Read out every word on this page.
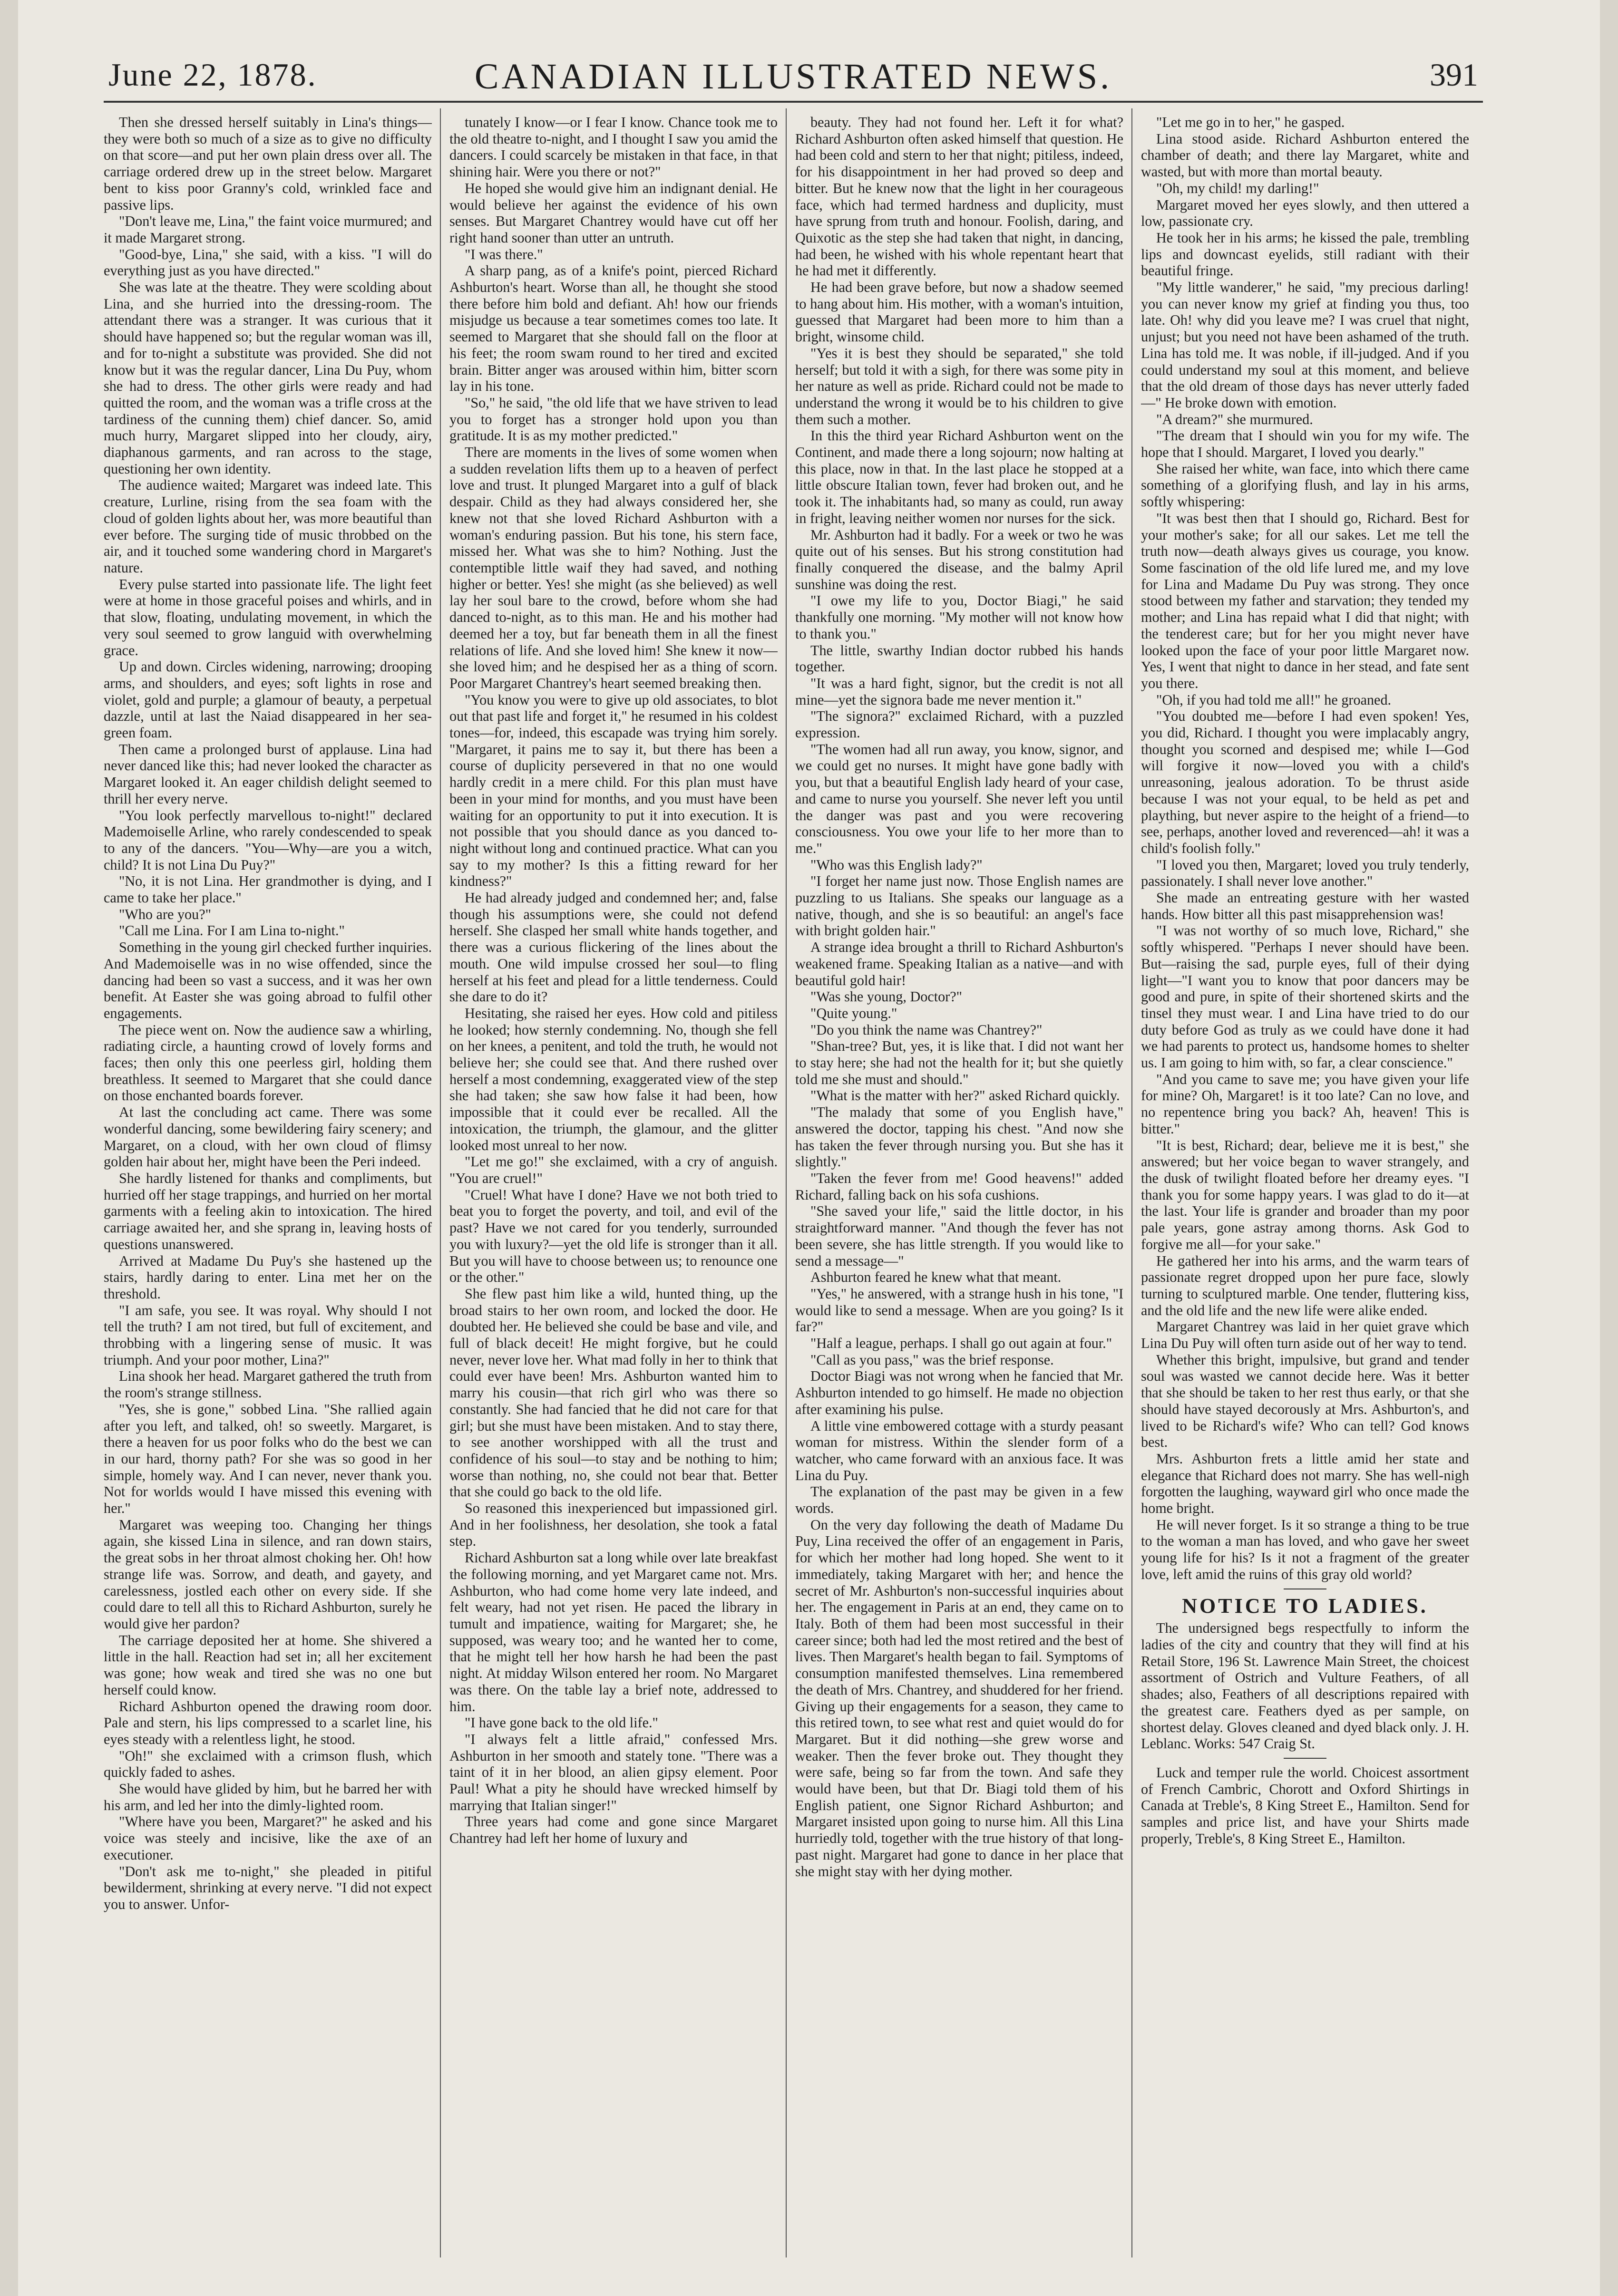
June 22, 1878.	CANADIAN ILLUSTRATED NEWS.	391

Then she dressed herself suitably in Lina's things—they were both so much of a size as to give no difficulty on that score—and put her own plain dress over all. The carriage ordered drew up in the street below. Margaret bent to kiss poor Granny's cold, wrinkled face and passive lips.

"Don't leave me, Lina," the faint voice murmured; and it made Margaret strong.

"Good-bye, Lina," she said, with a kiss. "I will do everything just as you have directed."

She was late at the theatre. They were scolding about Lina, and she hurried into the dressing-room. The attendant there was a stranger. It was curious that it should have happened so; but the regular woman was ill, and for to-night a substitute was provided. She did not know but it was the regular dancer, Lina Du Puy, whom she had to dress. The other girls were ready and had quitted the room, and the woman was a trifle cross at the tardiness of the cunning them) chief dancer. So, amid much hurry, Margaret slipped into her cloudy, airy, diaphanous garments, and ran across to the stage, questioning her own identity.

The audience waited; Margaret was indeed late. This creature, Lurline, rising from the sea foam with the cloud of golden lights about her, was more beautiful than ever before. The surging tide of music throbbed on the air, and it touched some wandering chord in Margaret's nature.

Every pulse started into passionate life. The light feet were at home in those graceful poises and whirls, and in that slow, floating, undulating movement, in which the very soul seemed to grow languid with overwhelming grace.

Up and down. Circles widening, narrowing; drooping arms, and shoulders, and eyes; soft lights in rose and violet, gold and purple; a glamour of beauty, a perpetual dazzle, until at last the Naiad disappeared in her sea-green foam.

Then came a prolonged burst of applause. Lina had never danced like this; had never looked the character as Margaret looked it. An eager childish delight seemed to thrill her every nerve.

"You look perfectly marvellous to-night!" declared Mademoiselle Arline, who rarely condescended to speak to any of the dancers. "You—Why—are you a witch, child? It is not Lina Du Puy?"

"No, it is not Lina. Her grandmother is dying, and I came to take her place."

"Who are you?"

"Call me Lina. For I am Lina to-night."

Something in the young girl checked further inquiries. And Mademoiselle was in no wise offended, since the dancing had been so vast a success, and it was her own benefit. At Easter she was going abroad to fulfil other engagements.

The piece went on. Now the audience saw a whirling, radiating circle, a haunting crowd of lovely forms and faces; then only this one peerless girl, holding them breathless. It seemed to Margaret that she could dance on those enchanted boards forever.

At last the concluding act came. There was some wonderful dancing, some bewildering fairy scenery; and Margaret, on a cloud, with her own cloud of flimsy golden hair about her, might have been the Peri indeed.

She hardly listened for thanks and compliments, but hurried off her stage trappings, and hurried on her mortal garments with a feeling akin to intoxication. The hired carriage awaited her, and she sprang in, leaving hosts of questions unanswered.

Arrived at Madame Du Puy's she hastened up the stairs, hardly daring to enter. Lina met her on the threshold.

"I am safe, you see. It was royal. Why should I not tell the truth? I am not tired, but full of excitement, and throbbing with a lingering sense of music. It was triumph. And your poor mother, Lina?"

Lina shook her head. Margaret gathered the truth from the room's strange stillness.

"Yes, she is gone," sobbed Lina. "She rallied again after you left, and talked, oh! so sweetly. Margaret, is there a heaven for us poor folks who do the best we can in our hard, thorny path? For she was so good in her simple, homely way. And I can never, never thank you. Not for worlds would I have missed this evening with her."

Margaret was weeping too. Changing her things again, she kissed Lina in silence, and ran down stairs, the great sobs in her throat almost choking her. Oh! how strange life was. Sorrow, and death, and gayety, and carelessness, jostled each other on every side. If she could dare to tell all this to Richard Ashburton, surely he would give her pardon?

The carriage deposited her at home. She shivered a little in the hall. Reaction had set in; all her excitement was gone; how weak and tired she was no one but herself could know.

Richard Ashburton opened the drawing room door. Pale and stern, his lips compressed to a scarlet line, his eyes steady with a relentless light, he stood.

"Oh!" she exclaimed with a crimson flush, which quickly faded to ashes.

She would have glided by him, but he barred her with his arm, and led her into the dimly-lighted room.

"Where have you been, Margaret?" he asked and his voice was steely and incisive, like the axe of an executioner.

"Don't ask me to-night," she pleaded in pitiful bewilderment, shrinking at every nerve. "I did not expect you to answer. Unfor-

tunately I know—or I fear I know. Chance took me to the old theatre to-night, and I thought I saw you amid the dancers. I could scarcely be mistaken in that face, in that shining hair. Were you there or not?"

He hoped she would give him an indignant denial. He would believe her against the evidence of his own senses. But Margaret Chantrey would have cut off her right hand sooner than utter an untruth.

"I was there."

A sharp pang, as of a knife's point, pierced Richard Ashburton's heart. Worse than all, he thought she stood there before him bold and defiant. Ah! how our friends misjudge us because a tear sometimes comes too late. It seemed to Margaret that she should fall on the floor at his feet; the room swam round to her tired and excited brain. Bitter anger was aroused within him, bitter scorn lay in his tone.

"So," he said, "the old life that we have striven to lead you to forget has a stronger hold upon you than gratitude. It is as my mother predicted."

There are moments in the lives of some women when a sudden revelation lifts them up to a heaven of perfect love and trust. It plunged Margaret into a gulf of black despair. Child as they had always considered her, she knew not that she loved Richard Ashburton with a woman's enduring passion. But his tone, his stern face, missed her. What was she to him? Nothing. Just the contemptible little waif they had saved, and nothing higher or better. Yes! she might (as she believed) as well lay her soul bare to the crowd, before whom she had danced to-night, as to this man. He and his mother had deemed her a toy, but far beneath them in all the finest relations of life. And she loved him! She knew it now—she loved him; and he despised her as a thing of scorn. Poor Margaret Chantrey's heart seemed breaking then.

"You know you were to give up old associates, to blot out that past life and forget it," he resumed in his coldest tones—for, indeed, this escapade was trying him sorely. "Margaret, it pains me to say it, but there has been a course of duplicity persevered in that no one would hardly credit in a mere child. For this plan must have been in your mind for months, and you must have been waiting for an opportunity to put it into execution. It is not possible that you should dance as you danced to-night without long and continued practice. What can you say to my mother? Is this a fitting reward for her kindness?"

He had already judged and condemned her; and, false though his assumptions were, she could not defend herself. She clasped her small white hands together, and there was a curious flickering of the lines about the mouth. One wild impulse crossed her soul—to fling herself at his feet and plead for a little tenderness. Could she dare to do it?

Hesitating, she raised her eyes. How cold and pitiless he looked; how sternly condemning. No, though she fell on her knees, a penitent, and told the truth, he would not believe her; she could see that. And there rushed over herself a most condemning, exaggerated view of the step she had taken; she saw how false it had been, how impossible that it could ever be recalled. All the intoxication, the triumph, the glamour, and the glitter looked most unreal to her now.

"Let me go!" she exclaimed, with a cry of anguish. "You are cruel!"

"Cruel! What have I done? Have we not both tried to beat you to forget the poverty, and toil, and evil of the past? Have we not cared for you tenderly, surrounded you with luxury?—yet the old life is stronger than it all. But you will have to choose between us; to renounce one or the other."

She flew past him like a wild, hunted thing, up the broad stairs to her own room, and locked the door. He doubted her. He believed she could be base and vile, and full of black deceit! He might forgive, but he could never, never love her. What mad folly in her to think that could ever have been! Mrs. Ashburton wanted him to marry his cousin—that rich girl who was there so constantly. She had fancied that he did not care for that girl; but she must have been mistaken. And to stay there, to see another worshipped with all the trust and confidence of his soul—to stay and be nothing to him; worse than nothing, no, she could not bear that. Better that she could go back to the old life.

So reasoned this inexperienced but impassioned girl. And in her foolishness, her desolation, she took a fatal step.

Richard Ashburton sat a long while over late breakfast the following morning, and yet Margaret came not. Mrs. Ashburton, who had come home very late indeed, and felt weary, had not yet risen. He paced the library in tumult and impatience, waiting for Margaret; she, he supposed, was weary too; and he wanted her to come, that he might tell her how harsh he had been the past night. At midday Wilson entered her room. No Margaret was there. On the table lay a brief note, addressed to him.

"I have gone back to the old life."

"I always felt a little afraid," confessed Mrs. Ashburton in her smooth and stately tone. "There was a taint of it in her blood, an alien gipsy element. Poor Paul! What a pity he should have wrecked himself by marrying that Italian singer!"

Three years had come and gone since Margaret Chantrey had left her home of luxury and

beauty. They had not found her. Left it for what? Richard Ashburton often asked himself that question. He had been cold and stern to her that night; pitiless, indeed, for his disappointment in her had proved so deep and bitter. But he knew now that the light in her courageous face, which had termed hardness and duplicity, must have sprung from truth and honour. Foolish, daring, and Quixotic as the step she had taken that night, in dancing, had been, he wished with his whole repentant heart that he had met it differently.

He had been grave before, but now a shadow seemed to hang about him. His mother, with a woman's intuition, guessed that Margaret had been more to him than a bright, winsome child.

"Yes it is best they should be separated," she told herself; but told it with a sigh, for there was some pity in her nature as well as pride. Richard could not be made to understand the wrong it would be to his children to give them such a mother.

In this the third year Richard Ashburton went on the Continent, and made there a long sojourn; now halting at this place, now in that. In the last place he stopped at a little obscure Italian town, fever had broken out, and he took it. The inhabitants had, so many as could, run away in fright, leaving neither women nor nurses for the sick.

Mr. Ashburton had it badly. For a week or two he was quite out of his senses. But his strong constitution had finally conquered the disease, and the balmy April sunshine was doing the rest.

"I owe my life to you, Doctor Biagi," he said thankfully one morning. "My mother will not know how to thank you."

The little, swarthy Indian doctor rubbed his hands together.

"It was a hard fight, signor, but the credit is not all mine—yet the signora bade me never mention it."

"The signora?" exclaimed Richard, with a puzzled expression.

"The women had all run away, you know, signor, and we could get no nurses. It might have gone badly with you, but that a beautiful English lady heard of your case, and came to nurse you yourself. She never left you until the danger was past and you were recovering consciousness. You owe your life to her more than to me."

"Who was this English lady?"

"I forget her name just now. Those English names are puzzling to us Italians. She speaks our language as a native, though, and she is so beautiful: an angel's face with bright golden hair."

A strange idea brought a thrill to Richard Ashburton's weakened frame. Speaking Italian as a native—and with beautiful gold hair!

"Was she young, Doctor?"

"Quite young."

"Do you think the name was Chantrey?"

"Shan-tree? But, yes, it is like that. I did not want her to stay here; she had not the health for it; but she quietly told me she must and should."

"What is the matter with her?" asked Richard quickly.

"The malady that some of you English have," answered the doctor, tapping his chest. "And now she has taken the fever through nursing you. But she has it slightly."

"Taken the fever from me! Good heavens!" added Richard, falling back on his sofa cushions.

"She saved your life," said the little doctor, in his straightforward manner. "And though the fever has not been severe, she has little strength. If you would like to send a message—"

Ashburton feared he knew what that meant.

"Yes," he answered, with a strange hush in his tone, "I would like to send a message. When are you going? Is it far?"

"Half a league, perhaps. I shall go out again at four."

"Call as you pass," was the brief response.

Doctor Biagi was not wrong when he fancied that Mr. Ashburton intended to go himself. He made no objection after examining his pulse.

A little vine embowered cottage with a sturdy peasant woman for mistress. Within the slender form of a watcher, who came forward with an anxious face. It was Lina du Puy.

The explanation of the past may be given in a few words.

On the very day following the death of Madame Du Puy, Lina received the offer of an engagement in Paris, for which her mother had long hoped. She went to it immediately, taking Margaret with her; and hence the secret of Mr. Ashburton's non-successful inquiries about her. The engagement in Paris at an end, they came on to Italy. Both of them had been most successful in their career since; both had led the most retired and the best of lives. Then Margaret's health began to fail. Symptoms of consumption manifested themselves. Lina remembered the death of Mrs. Chantrey, and shuddered for her friend. Giving up their engagements for a season, they came to this retired town, to see what rest and quiet would do for Margaret. But it did nothing—she grew worse and weaker. Then the fever broke out. They thought they were safe, being so far from the town. And safe they would have been, but that Dr. Biagi told them of his English patient, one Signor Richard Ashburton; and Margaret insisted upon going to nurse him. All this Lina hurriedly told, together with the true history of that long-past night. Margaret had gone to dance in her place that she might stay with her dying mother.

"Let me go in to her," he gasped.

Lina stood aside. Richard Ashburton entered the chamber of death; and there lay Margaret, white and wasted, but with more than mortal beauty.

"Oh, my child! my darling!"

Margaret moved her eyes slowly, and then uttered a low, passionate cry.

He took her in his arms; he kissed the pale, trembling lips and downcast eyelids, still radiant with their beautiful fringe.

"My little wanderer," he said, "my precious darling! you can never know my grief at finding you thus, too late. Oh! why did you leave me? I was cruel that night, unjust; but you need not have been ashamed of the truth. Lina has told me. It was noble, if ill-judged. And if you could understand my soul at this moment, and believe that the old dream of those days has never utterly faded—" He broke down with emotion.

"A dream?" she murmured.

"The dream that I should win you for my wife. The hope that I should. Margaret, I loved you dearly."

She raised her white, wan face, into which there came something of a glorifying flush, and lay in his arms, softly whispering:

"It was best then that I should go, Richard. Best for your mother's sake; for all our sakes. Let me tell the truth now—death always gives us courage, you know. Some fascination of the old life lured me, and my love for Lina and Madame Du Puy was strong. They once stood between my father and starvation; they tended my mother; and Lina has repaid what I did that night; with the tenderest care; but for her you might never have looked upon the face of your poor little Margaret now. Yes, I went that night to dance in her stead, and fate sent you there.

"Oh, if you had told me all!" he groaned.

"You doubted me—before I had even spoken! Yes, you did, Richard. I thought you were implacably angry, thought you scorned and despised me; while I—God will forgive it now—loved you with a child's unreasoning, jealous adoration. To be thrust aside because I was not your equal, to be held as pet and plaything, but never aspire to the height of a friend—to see, perhaps, another loved and reverenced—ah! it was a child's foolish folly."

"I loved you then, Margaret; loved you truly tenderly, passionately. I shall never love another."

She made an entreating gesture with her wasted hands. How bitter all this past misapprehension was!

"I was not worthy of so much love, Richard," she softly whispered. "Perhaps I never should have been. But—raising the sad, purple eyes, full of their dying light—"I want you to know that poor dancers may be good and pure, in spite of their shortened skirts and the tinsel they must wear. I and Lina have tried to do our duty before God as truly as we could have done it had we had parents to protect us, handsome homes to shelter us. I am going to him with, so far, a clear conscience."

"And you came to save me; you have given your life for mine? Oh, Margaret! is it too late? Can no love, and no repentence bring you back? Ah, heaven! This is bitter."

"It is best, Richard; dear, believe me it is best," she answered; but her voice began to waver strangely, and the dusk of twilight floated before her dreamy eyes. "I thank you for some happy years. I was glad to do it—at the last. Your life is grander and broader than my poor pale years, gone astray among thorns. Ask God to forgive me all—for your sake."

He gathered her into his arms, and the warm tears of passionate regret dropped upon her pure face, slowly turning to sculptured marble. One tender, fluttering kiss, and the old life and the new life were alike ended.

Margaret Chantrey was laid in her quiet grave which Lina Du Puy will often turn aside out of her way to tend.

Whether this bright, impulsive, but grand and tender soul was wasted we cannot decide here. Was it better that she should be taken to her rest thus early, or that she should have stayed decorously at Mrs. Ashburton's, and lived to be Richard's wife? Who can tell? God knows best.

Mrs. Ashburton frets a little amid her state and elegance that Richard does not marry. She has well-nigh forgotten the laughing, wayward girl who once made the home bright.

He will never forget. Is it so strange a thing to be true to the woman a man has loved, and who gave her sweet young life for his? Is it not a fragment of the greater love, left amid the ruins of this gray old world?

NOTICE TO LADIES.

The undersigned begs respectfully to inform the ladies of the city and country that they will find at his Retail Store, 196 St. Lawrence Main Street, the choicest assortment of Ostrich and Vulture Feathers, of all shades; also, Feathers of all descriptions repaired with the greatest care. Feathers dyed as per sample, on shortest delay. Gloves cleaned and dyed black only. J. H. Leblanc. Works: 547 Craig St.

Luck and temper rule the world. Choicest assortment of French Cambric, Chorott and Oxford Shirtings in Canada at Treble's, 8 King Street E., Hamilton. Send for samples and price list, and have your Shirts made properly, Treble's, 8 King Street E., Hamilton.
